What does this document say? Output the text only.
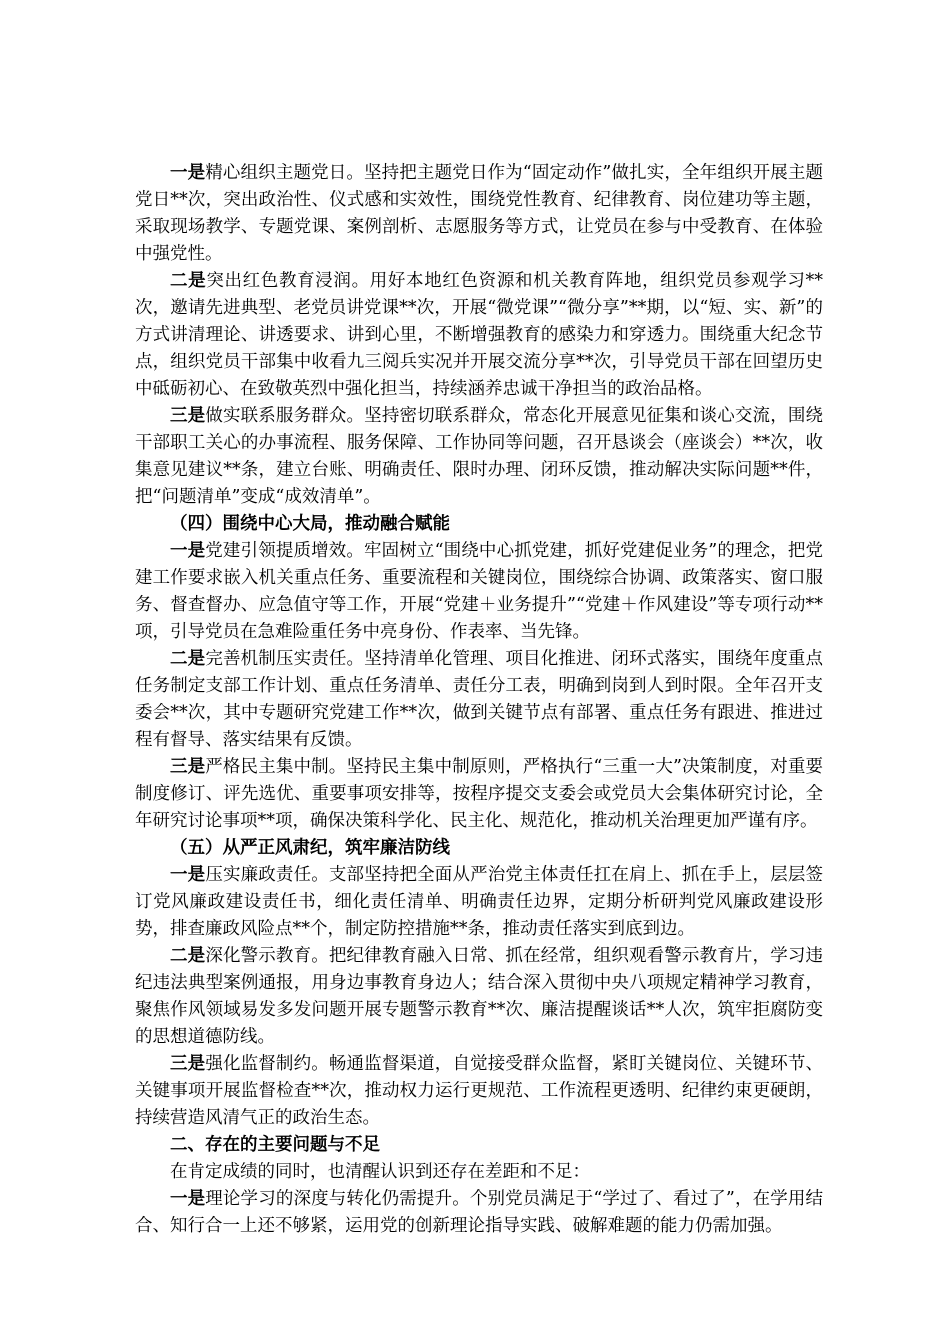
一是精心组织主题党日。坚持把主题党日作为“固定动作”做扎实，全年组织开展主题党日**次，突出政治性、仪式感和实效性，围绕党性教育、纪律教育、岗位建功等主题，采取现场教学、专题党课、案例剖析、志愿服务等方式，让党员在参与中受教育、在体验中强党性。

二是突出红色教育浸润。用好本地红色资源和机关教育阵地，组织党员参观学习**次，邀请先进典型、老党员讲党课**次，开展“微党课”“微分享”**期，以“短、实、新”的方式讲清理论、讲透要求、讲到心里，不断增强教育的感染力和穿透力。围绕重大纪念节点，组织党员干部集中收看九三阅兵实况并开展交流分享**次，引导党员干部在回望历史中砥砺初心、在致敬英烈中强化担当，持续涵养忠诚干净担当的政治品格。

三是做实联系服务群众。坚持密切联系群众，常态化开展意见征集和谈心交流，围绕干部职工关心的办事流程、服务保障、工作协同等问题，召开恳谈会（座谈会）**次，收集意见建议**条，建立台账、明确责任、限时办理、闭环反馈，推动解决实际问题**件，把“问题清单”变成“成效清单”。

（四）围绕中心大局，推动融合赋能

一是党建引领提质增效。牢固树立“围绕中心抓党建，抓好党建促业务”的理念，把党建工作要求嵌入机关重点任务、重要流程和关键岗位，围绕综合协调、政策落实、窗口服务、督查督办、应急值守等工作，开展“党建＋业务提升”“党建＋作风建设”等专项行动**项，引导党员在急难险重任务中亮身份、作表率、当先锋。

二是完善机制压实责任。坚持清单化管理、项目化推进、闭环式落实，围绕年度重点任务制定支部工作计划、重点任务清单、责任分工表，明确到岗到人到时限。全年召开支委会**次，其中专题研究党建工作**次，做到关键节点有部署、重点任务有跟进、推进过程有督导、落实结果有反馈。

三是严格民主集中制。坚持民主集中制原则，严格执行“三重一大”决策制度，对重要制度修订、评先选优、重要事项安排等，按程序提交支委会或党员大会集体研究讨论，全年研究讨论事项**项，确保决策科学化、民主化、规范化，推动机关治理更加严谨有序。

（五）从严正风肃纪，筑牢廉洁防线

一是压实廉政责任。支部坚持把全面从严治党主体责任扛在肩上、抓在手上，层层签订党风廉政建设责任书，细化责任清单、明确责任边界，定期分析研判党风廉政建设形势，排查廉政风险点**个，制定防控措施**条，推动责任落实到底到边。

二是深化警示教育。把纪律教育融入日常、抓在经常，组织观看警示教育片，学习违纪违法典型案例通报，用身边事教育身边人；结合深入贯彻中央八项规定精神学习教育，聚焦作风领域易发多发问题开展专题警示教育**次、廉洁提醒谈话**人次，筑牢拒腐防变的思想道德防线。

三是强化监督制约。畅通监督渠道，自觉接受群众监督，紧盯关键岗位、关键环节、关键事项开展监督检查**次，推动权力运行更规范、工作流程更透明、纪律约束更硬朗，持续营造风清气正的政治生态。

二、存在的主要问题与不足

在肯定成绩的同时，也清醒认识到还存在差距和不足：

一是理论学习的深度与转化仍需提升。个别党员满足于“学过了、看过了”，在学用结合、知行合一上还不够紧，运用党的创新理论指导实践、破解难题的能力仍需加强。
